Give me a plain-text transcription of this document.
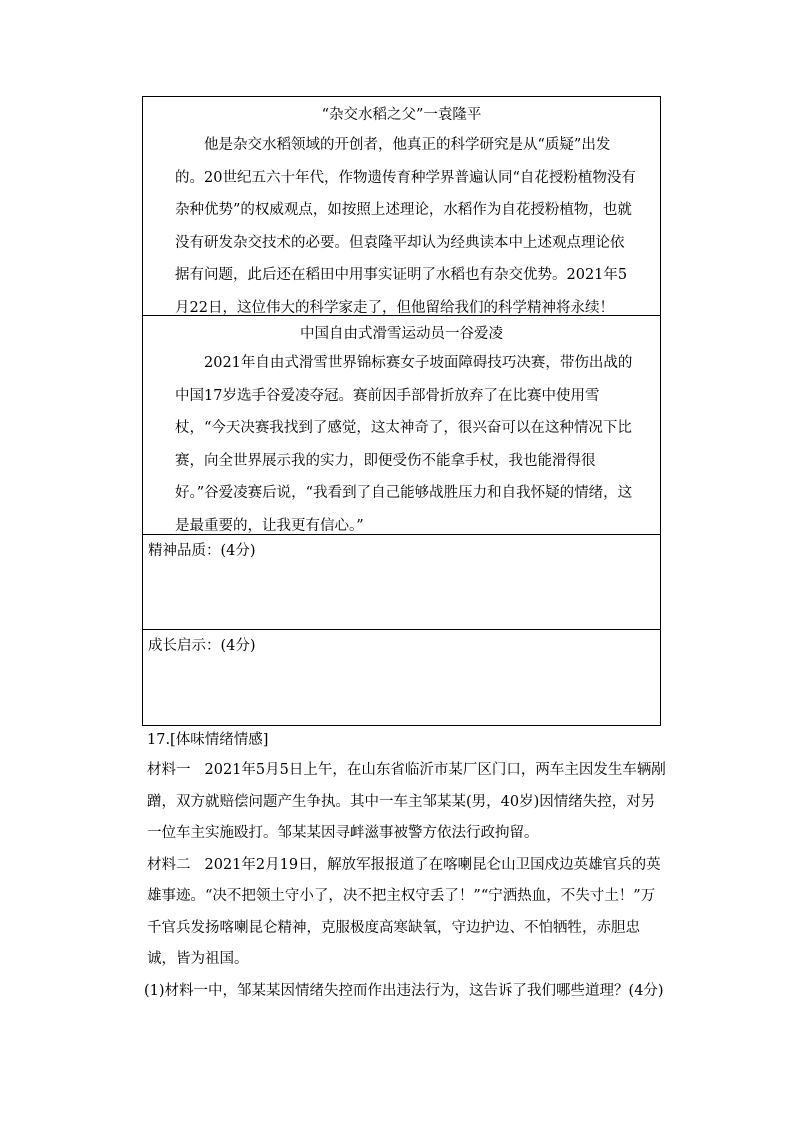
“杂交水稻之父”一袁隆平

他是杂交水稻领域的开创者，他真正的科学研究是从“质疑”出发的。20世纪五六十年代，作物遗传育种学界普遍认同“自花授粉植物没有杂种优势”的权威观点，如按照上述理论，水稻作为自花授粉植物，也就没有研发杂交技术的必要。但袁隆平却认为经典读本中上述观点理论依据有问题，此后还在稻田中用事实证明了水稻也有杂交优势。2021年5月22日，这位伟大的科学家走了，但他留给我们的科学精神将永续！

中国自由式滑雪运动员一谷爱凌

2021年自由式滑雪世界锦标赛女子坡面障碍技巧决赛，带伤出战的中国17岁选手谷爱凌夺冠。赛前因手部骨折放弃了在比赛中使用雪杖，“今天决赛我找到了感觉，这太神奇了，很兴奋可以在这种情况下比赛，向全世界展示我的实力，即便受伤不能拿手杖，我也能滑得很好。”谷爱凌赛后说，“我看到了自己能够战胜压力和自我怀疑的情绪，这是最重要的，让我更有信心。”

精神品质：(4分)

成长启示：(4分)

17.[体味情绪情感]

材料一 2021年5月5日上午，在山东省临沂市某厂区门口，两车主因发生车辆剐蹭，双方就赔偿问题产生争执。其中一车主邹某某(男，40岁)因情绪失控，对另一位车主实施殴打。邹某某因寻衅滋事被警方依法行政拘留。

材料二 2021年2月19日，解放军报报道了在喀喇昆仑山卫国戍边英雄官兵的英雄事迹。“决不把领土守小了，决不把主权守丢了！”“宁洒热血，不失寸土！”万千官兵发扬喀喇昆仑精神，克服极度高寒缺氧，守边护边、不怕牺牲，赤胆忠诚，皆为祖国。

(1)材料一中，邹某某因情绪失控而作出违法行为，这告诉了我们哪些道理？(4分)
